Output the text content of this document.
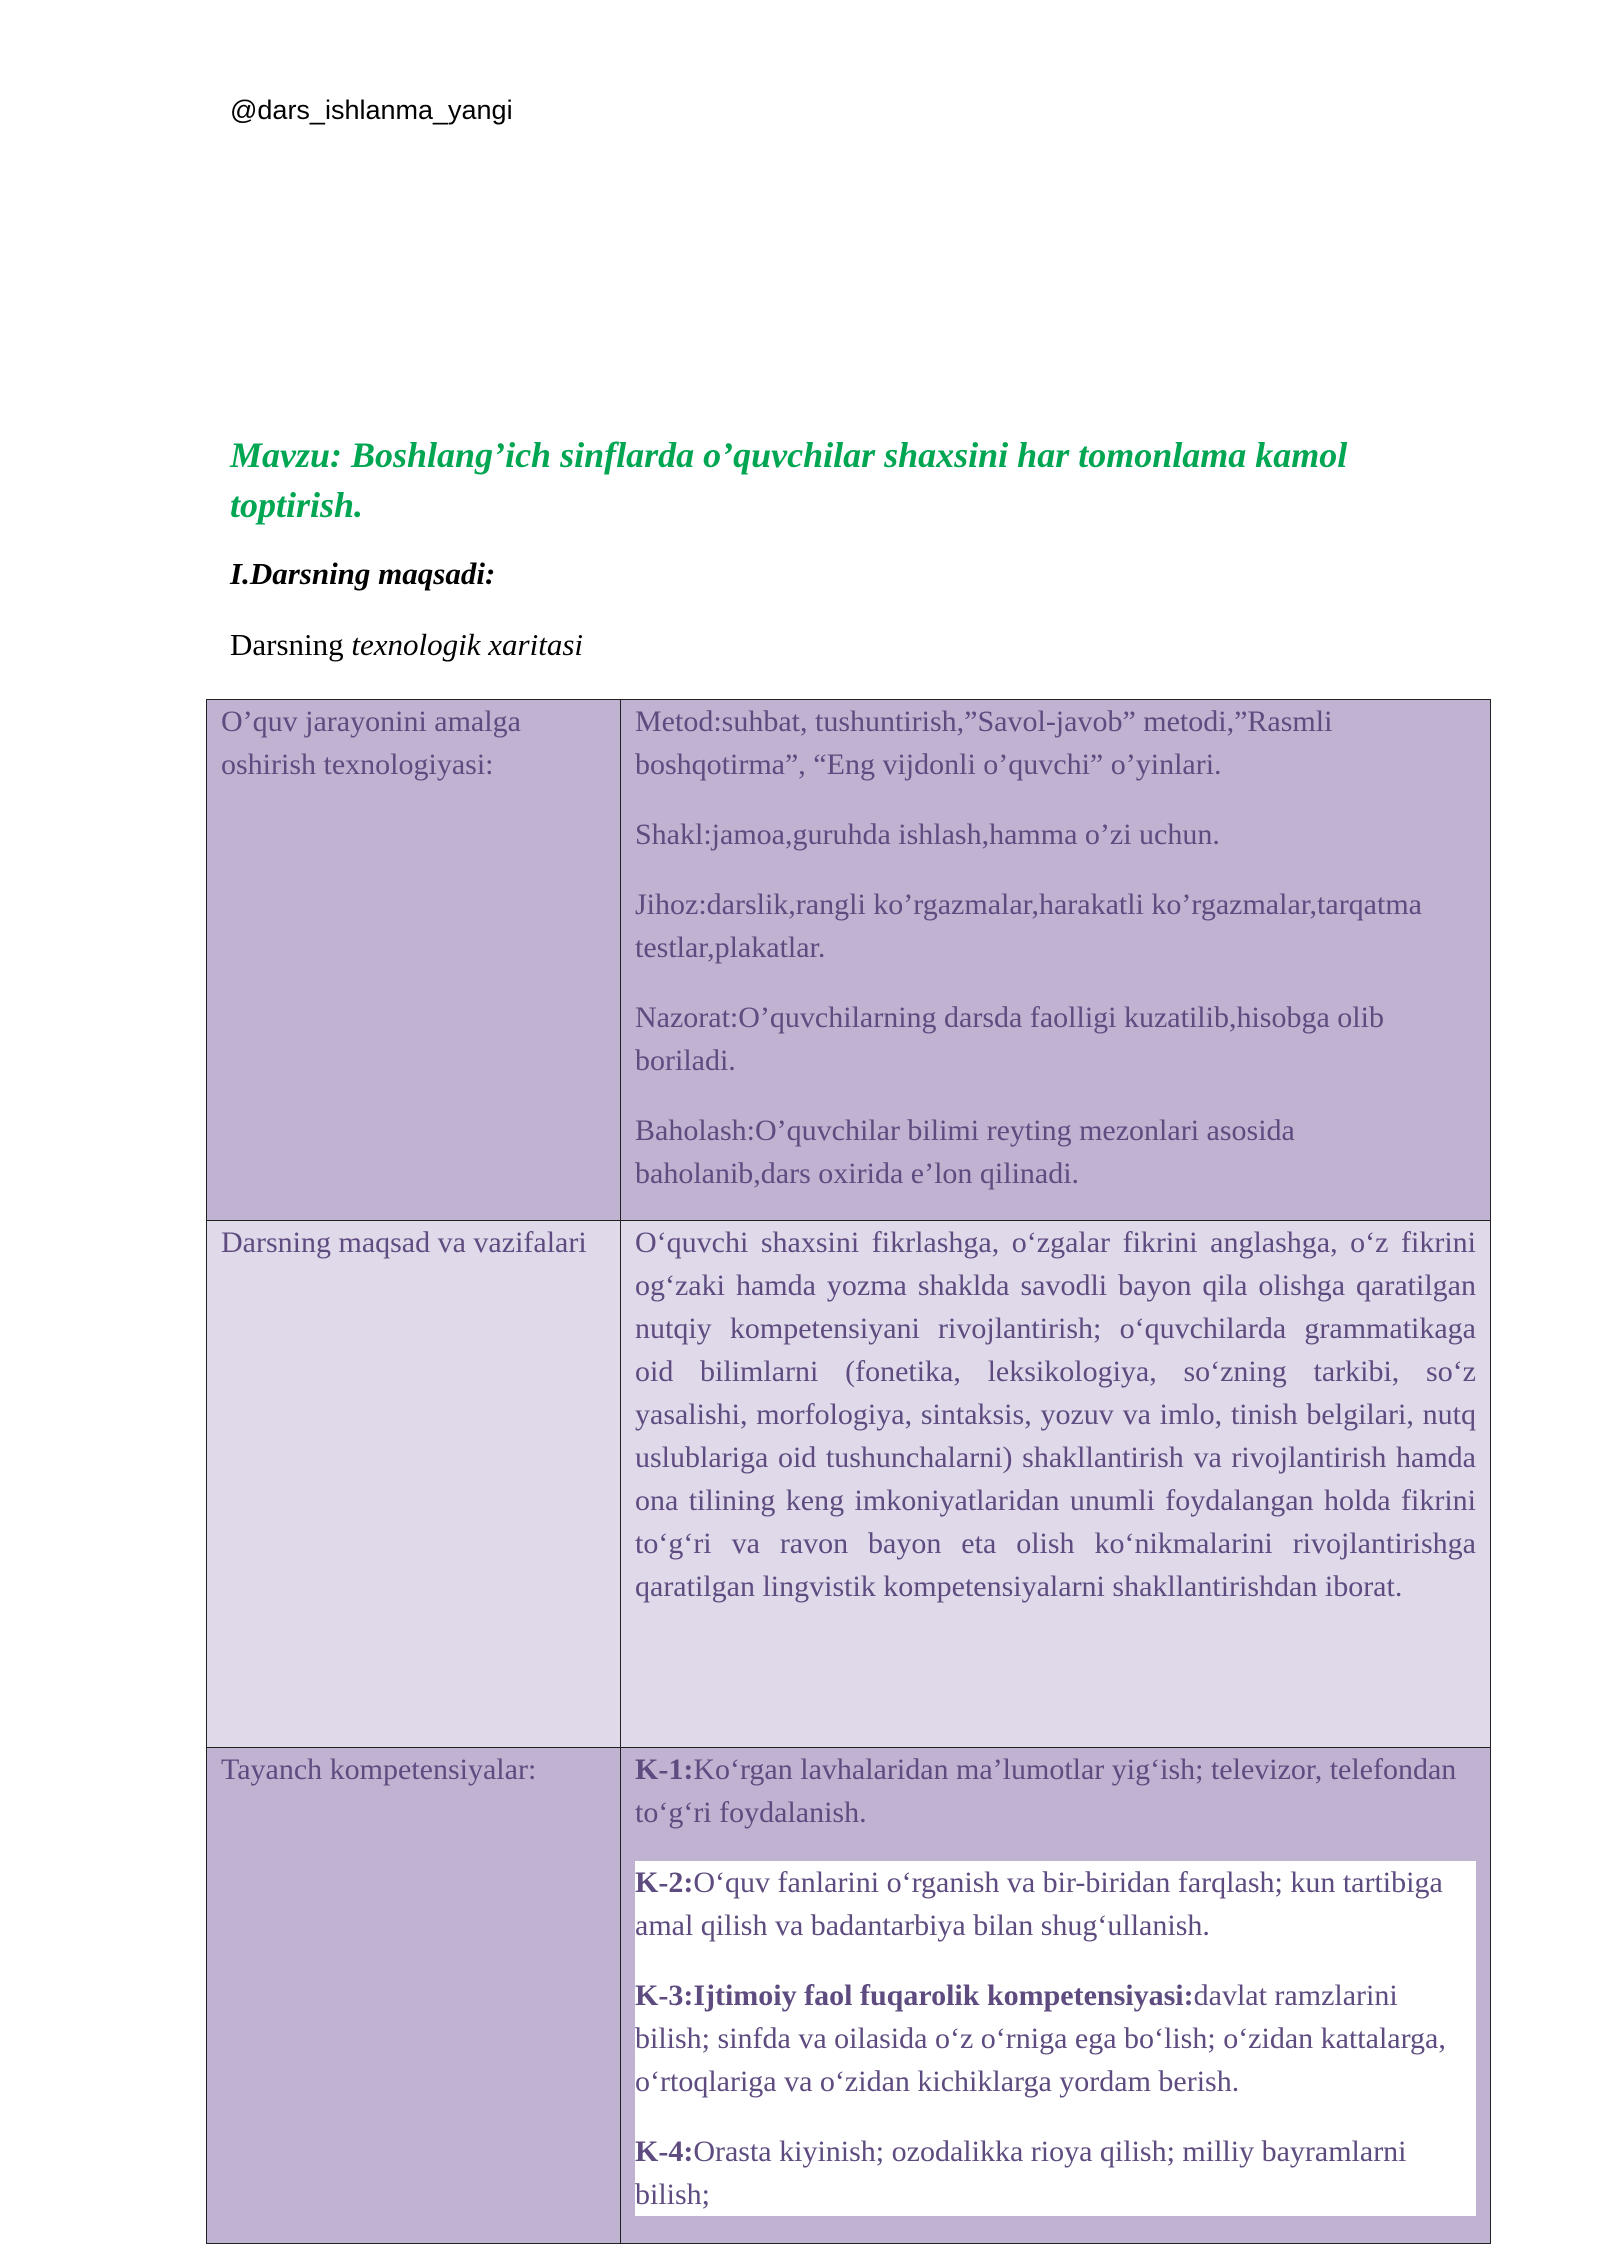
@dars_ishlanma_yangi
Mavzu: Boshlang’ich sinflarda o’quvchilar shaxsini har tomonlama kamol toptirish.
I.Darsning maqsadi:
Darsning texnologik xaritasi
O’quv jarayonini amalga oshirish texnologiyasi:	Metod:suhbat, tushuntirish,”Savol-javob” metodi,”Rasmli boshqotirma”, “Eng vijdonli o’quvchi” o’yinlari.

Shakl:jamoa,guruhda ishlash,hamma o’zi uchun.

Jihoz:darslik,rangli ko’rgazmalar,harakatli ko’rgazmalar,tarqatma testlar,plakatlar.

Nazorat:O’quvchilarning darsda faolligi kuzatilib,hisobga olib boriladi.

Baholash:O’quvchilar bilimi reyting mezonlari asosida baholanib,dars oxirida e’lon qilinadi.

Darsning maqsad va vazifalari	O‘quvchi shaxsini fikrlashga, o‘zgalar fikrini anglashga, o‘z fikrini og‘zaki hamda yozma shaklda savodli bayon qila olishga qaratilgan nutqiy kompetensiyani rivojlantirish; o‘quvchilarda grammatikaga oid bilimlarni (fonetika, leksikologiya, so‘zning tarkibi, so‘z yasalishi, morfologiya, sintaksis, yozuv va imlo, tinish belgilari, nutq uslublariga oid tushunchalarni) shakllantirish va rivojlantirish hamda ona tilining keng imkoniyatlaridan unumli foydalangan holda fikrini to‘g‘ri va ravon bayon eta olish ko‘nikmalarini rivojlantirishga qaratilgan lingvistik kompetensiyalarni shakllantirishdan iborat.

Tayanch kompetensiyalar:	K-1:Ko‘rgan lavhalaridan ma’lumotlar yig‘ish; televizor, telefondan to‘g‘ri foydalanish.

K-2:O‘quv fanlarini o‘rganish va bir-biridan farqlash; kun tartibiga amal qilish va badantarbiya bilan shug‘ullanish.

K-3:Ijtimoiy faol fuqarolik kompetensiyasi:davlat ramzlarini bilish; sinfda va oilasida o‘z o‘rniga ega bo‘lish; o‘zidan kattalarga, o‘rtoqlariga va o‘zidan kichiklarga yordam berish.

K-4:Orasta kiyinish; ozodalikka rioya qilish; milliy bayramlarni bilish;
